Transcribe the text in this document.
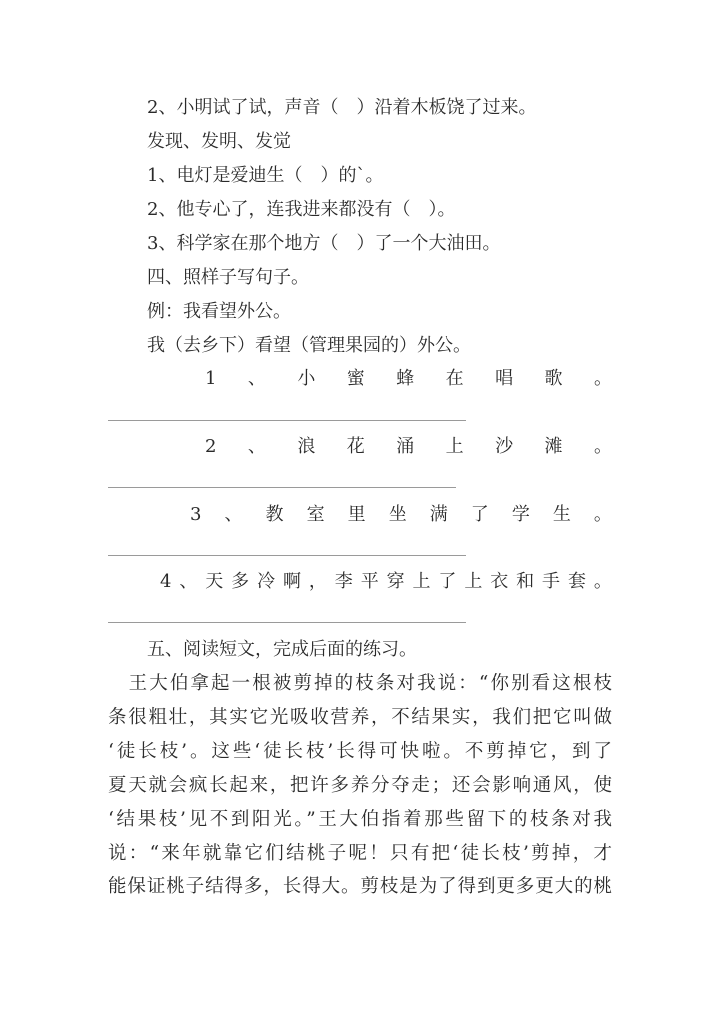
2、小明试了试，声音（　）沿着木板饶了过来。
发现、发明、发觉
1、电灯是爱迪生（　）的`。
2、他专心了，连我进来都没有（　）。
3、科学家在那个地方（　）了一个大油田。
四、照样子写句子。
例：我看望外公。
我（去乡下）看望（管理果园的）外公。
1 、 小 蜜 蜂 在 唱 歌 。
2 、 浪 花 涌 上 沙 滩 。
3 、 教 室 里 坐 满 了 学 生 。
4 、 天 多 冷 啊 ， 李 平 穿 上 了 上 衣 和 手 套 。
五、阅读短文，完成后面的练习。
　王大伯拿起一根被剪掉的枝条对我说：“你别看这根枝
条很粗壮，其实它光吸收营养，不结果实，我们把它叫做
‘徒长枝’。这些‘徒长枝’长得可快啦。不剪掉它，到了
夏天就会疯长起来，把许多养分夺走；还会影响通风，使
‘结果枝’见不到阳光。”王大伯指着那些留下的枝条对我
说：“来年就靠它们结桃子呢！只有把‘徒长枝’剪掉，才
能保证桃子结得多，长得大。剪枝是为了得到更多更大的桃
